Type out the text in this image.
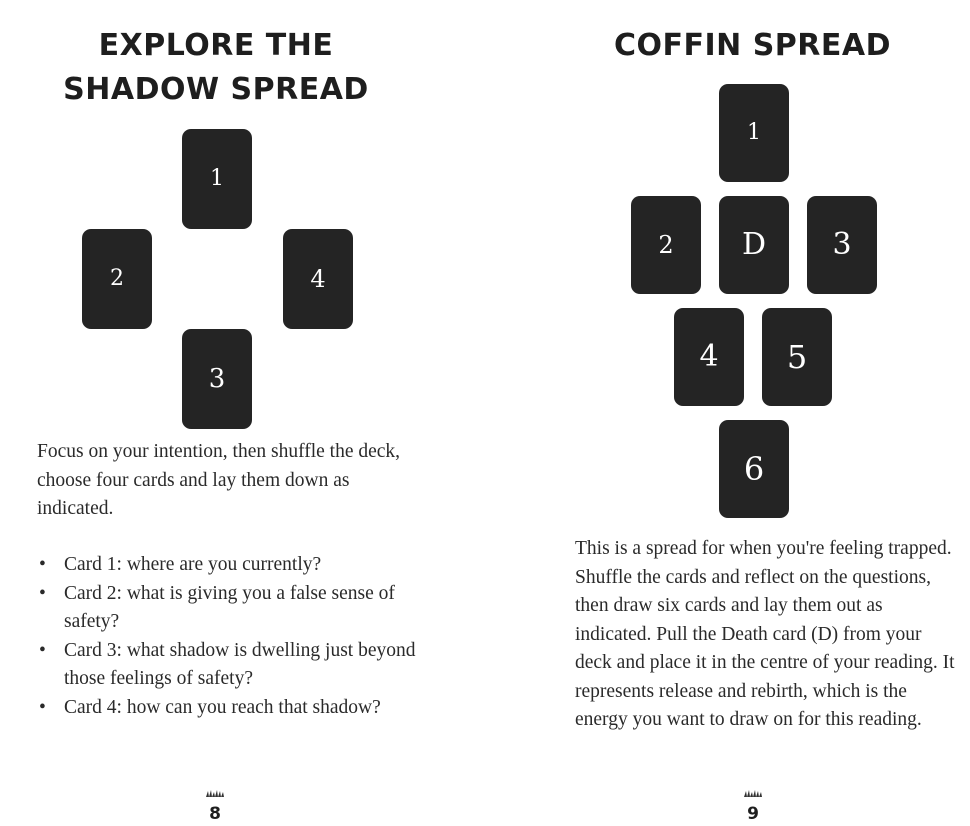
EXPLORE THE
SHADOW SPREAD
1
2	4
3

Focus on your intention, then shuffle the deck, choose four cards and lay them down as indicated.

• Card 1: where are you currently?
• Card 2: what is giving you a false sense of safety?
• Card 3: what shadow is dwelling just beyond those feelings of safety?
• Card 4: how can you reach that shadow?
8
COFFIN SPREAD
1
2 D 3
4 5
6

This is a spread for when you're feeling trapped. Shuffle the cards and reflect on the questions, then draw six cards and lay them out as indicated. Pull the Death card (D) from your deck and place it in the centre of your reading. It represents release and rebirth, which is the energy you want to draw on for this reading.

9
